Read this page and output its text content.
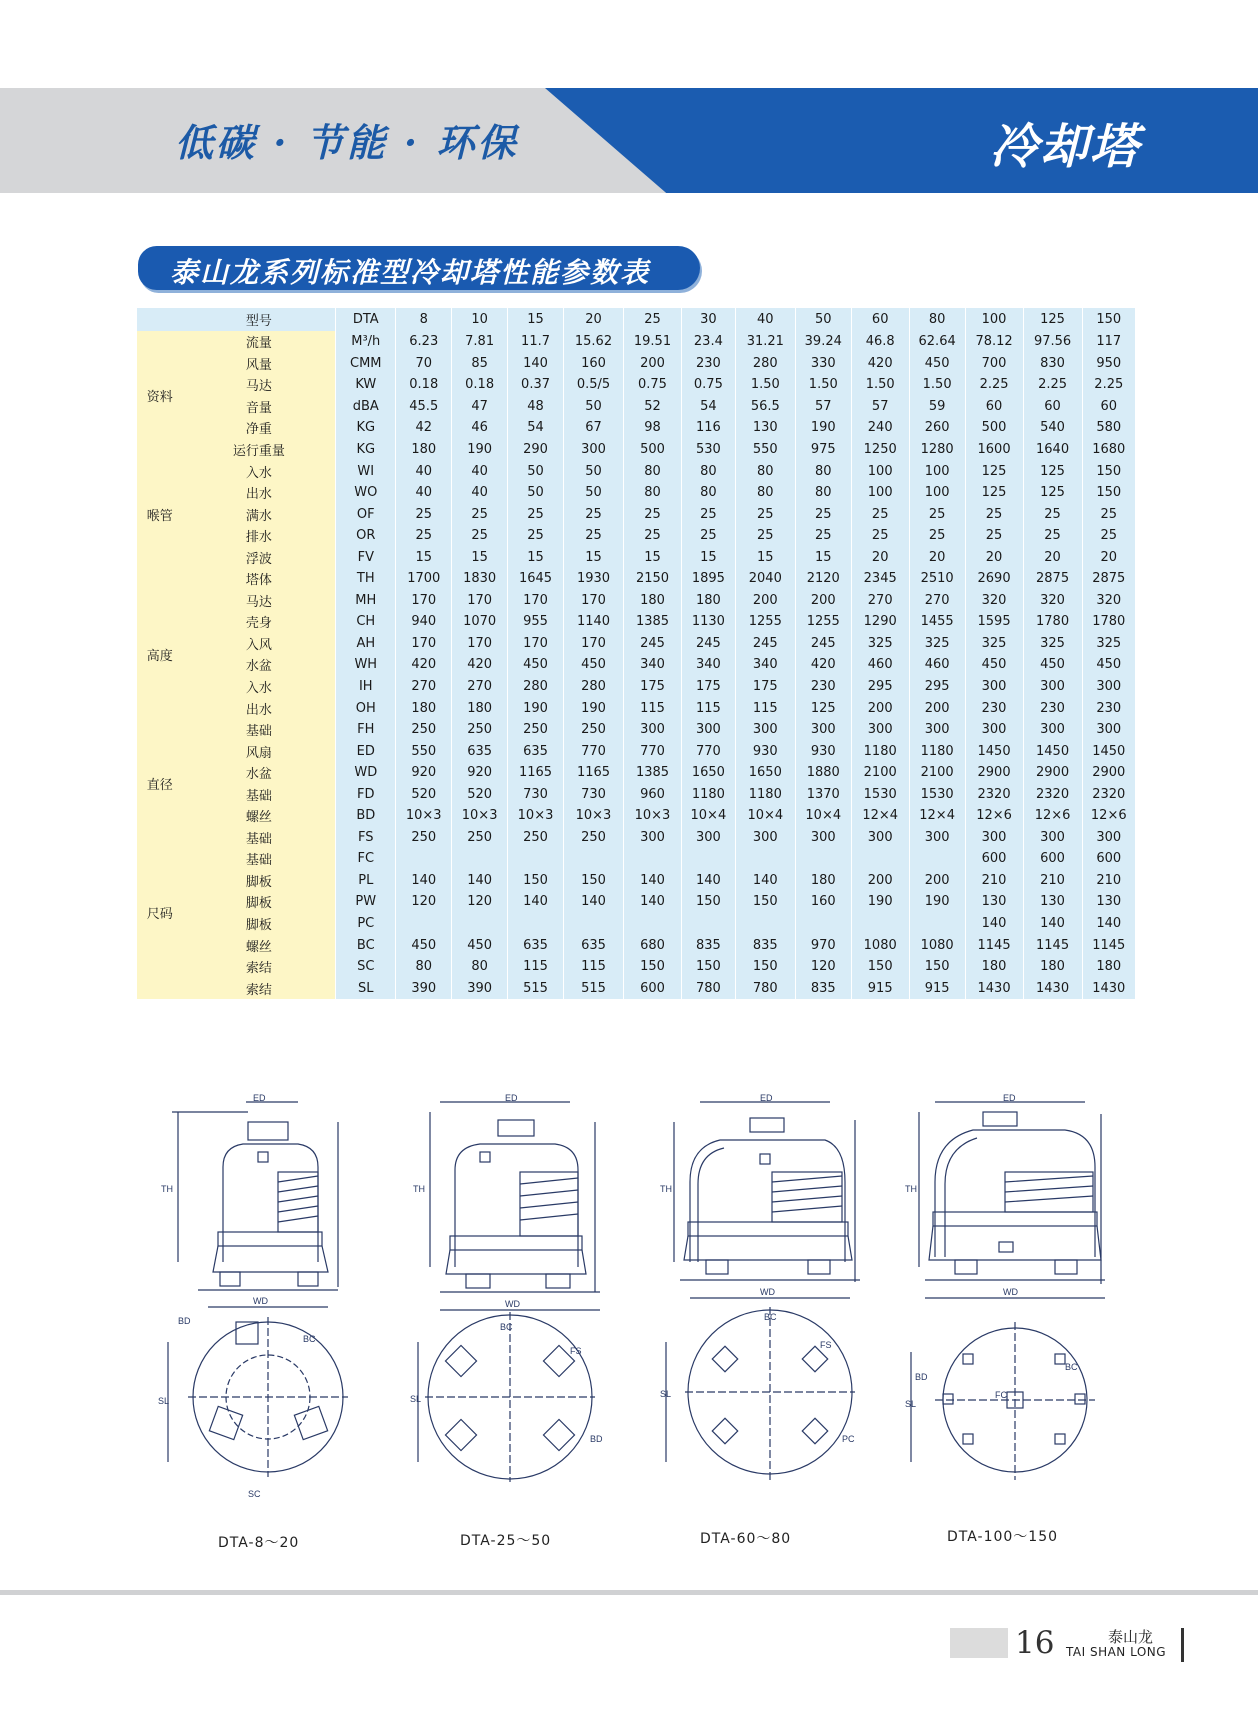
低碳 · 节能 · 环保	冷却塔
泰山龙系列标准型冷却塔性能参数表
	型号	DTA	8	10	15	20	25	30	40	50	60	80	100	125	150
资料	流量	M³/h	6.23	7.81	11.7	15.62	19.51	23.4	31.21	39.24	46.8	62.64	78.12	97.56	117
	风量	CMM	70	85	140	160	200	230	280	330	420	450	700	830	950
	马达	KW	0.18	0.18	0.37	0.5/5	0.75	0.75	1.50	1.50	1.50	1.50	2.25	2.25	2.25
	音量	dBA	45.5	47	48	50	52	54	56.5	57	57	59	60	60	60
	净重	KG	42	46	54	67	98	116	130	190	240	260	500	540	580
	运行重量	KG	180	190	290	300	500	530	550	975	1250	1280	1600	1640	1680
喉管	入水	WI	40	40	50	50	80	80	80	80	100	100	125	125	150
	出水	WO	40	40	50	50	80	80	80	80	100	100	125	125	150
	满水	OF	25	25	25	25	25	25	25	25	25	25	25	25	25
	排水	OR	25	25	25	25	25	25	25	25	25	25	25	25	25
	浮波	FV	15	15	15	15	15	15	15	15	20	20	20	20	20
高度	塔体	TH	1700	1830	1645	1930	2150	1895	2040	2120	2345	2510	2690	2875	2875
	马达	MH	170	170	170	170	180	180	200	200	270	270	320	320	320
	壳身	CH	940	1070	955	1140	1385	1130	1255	1255	1290	1455	1595	1780	1780
	入风	AH	170	170	170	170	245	245	245	245	325	325	325	325	325
	水盆	WH	420	420	450	450	340	340	340	420	460	460	450	450	450
	入水	IH	270	270	280	280	175	175	175	230	295	295	300	300	300
	出水	OH	180	180	190	190	115	115	115	125	200	200	230	230	230
	基础	FH	250	250	250	250	300	300	300	300	300	300	300	300	300
直径	风扇	ED	550	635	635	770	770	770	930	930	1180	1180	1450	1450	1450
	水盆	WD	920	920	1165	1165	1385	1650	1650	1880	2100	2100	2900	2900	2900
	基础	FD	520	520	730	730	960	1180	1180	1370	1530	1530	2320	2320	2320
	螺丝	BD	10×3	10×3	10×3	10×3	10×3	10×4	10×4	10×4	12×4	12×4	12×6	12×6	12×6
尺码	基础	FS	250	250	250	250	300	300	300	300	300	300	300	300	300
	基础	FC											600	600	600
	脚板	PL	140	140	150	150	140	140	140	180	200	200	210	210	210
	脚板	PW	120	120	140	140	140	150	150	160	190	190	130	130	130
	脚板	PC											140	140	140
	螺丝	BC	450	450	635	635	680	835	835	970	1080	1080	1145	1145	1145
	索结	SC	80	80	115	115	150	150	150	120	150	150	180	180	180
	索结	SL	390	390	515	515	600	780	780	835	915	915	1430	1430	1430
ED
WD
TH
SL
BD
BC
SC
DTA-8～20
ED
WD
TH
SL
BC
BD
FS
DTA-25～50
ED
WD
TH
SL
BC
PC
FS
DTA-60～80
ED
WD
TH
SL
FC
BD
BC
DTA-100～150
16	泰山龙
TAI SHAN LONG
